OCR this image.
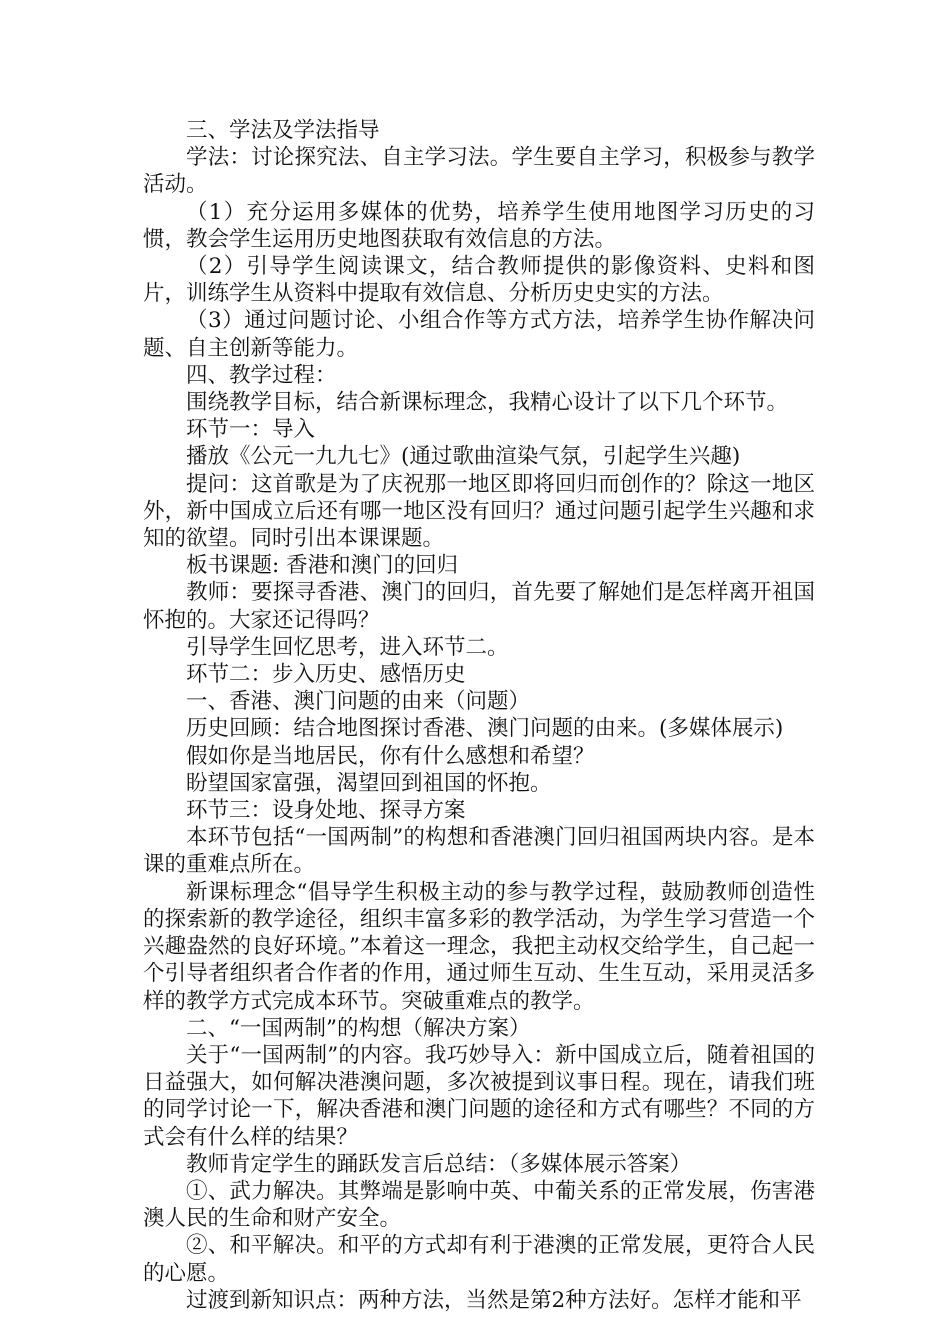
三、学法及学法指导

学法：讨论探究法、自主学习法。学生要自主学习，积极参与教学活动。

（1）充分运用多媒体的优势，培养学生使用地图学习历史的习惯，教会学生运用历史地图获取有效信息的方法。

（2）引导学生阅读课文，结合教师提供的影像资料、史料和图片，训练学生从资料中提取有效信息、分析历史史实的方法。

（3）通过问题讨论、小组合作等方式方法，培养学生协作解决问题、自主创新等能力。

四、教学过程：

围绕教学目标，结合新课标理念，我精心设计了以下几个环节。

环节一：导入

播放《公元一九九七》(通过歌曲渲染气氛，引起学生兴趣)

提问：这首歌是为了庆祝那一地区即将回归而创作的？除这一地区外，新中国成立后还有哪一地区没有回归？通过问题引起学生兴趣和求知的欲望。同时引出本课课题。

板书课题: 香港和澳门的回归

教师：要探寻香港、澳门的回归，首先要了解她们是怎样离开祖国怀抱的。大家还记得吗？

引导学生回忆思考，进入环节二。

环节二：步入历史、感悟历史

一、香港、澳门问题的由来（问题）

历史回顾：结合地图探讨香港、澳门问题的由来。(多媒体展示)

假如你是当地居民，你有什么感想和希望？

盼望国家富强，渴望回到祖国的怀抱。

环节三：设身处地、探寻方案

本环节包括“一国两制”的构想和香港澳门回归祖国两块内容。是本课的重难点所在。

新课标理念“倡导学生积极主动的参与教学过程，鼓励教师创造性的探索新的教学途径，组织丰富多彩的教学活动，为学生学习营造一个兴趣盎然的良好环境。”本着这一理念，我把主动权交给学生，自己起一个引导者组织者合作者的作用，通过师生互动、生生互动，采用灵活多样的教学方式完成本环节。突破重难点的教学。

二、“一国两制”的构想（解决方案）

关于“一国两制”的内容。我巧妙导入：新中国成立后，随着祖国的日益强大，如何解决港澳问题，多次被提到议事日程。现在，请我们班的同学讨论一下，解决香港和澳门问题的途径和方式有哪些？不同的方式会有什么样的结果？

教师肯定学生的踊跃发言后总结：（多媒体展示答案）

①、武力解决。其弊端是影响中英、中葡关系的正常发展，伤害港澳人民的生命和财产安全。

②、和平解决。和平的方式却有利于港澳的正常发展，更符合人民的心愿。

过渡到新知识点：两种方法，当然是第2种方法好。怎样才能和平
